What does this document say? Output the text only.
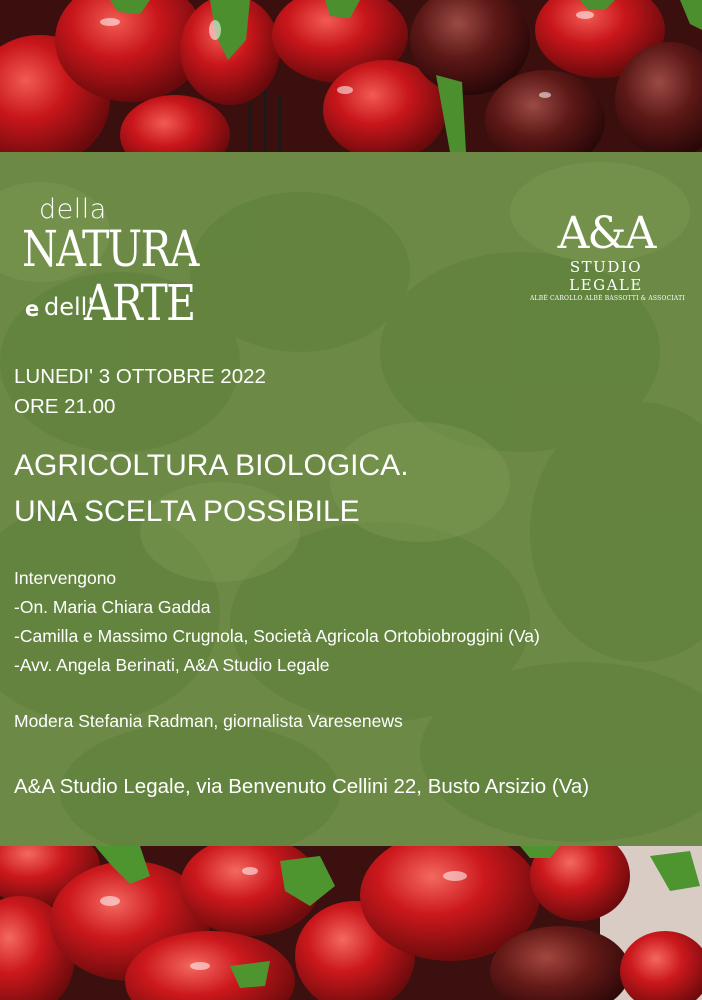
della
NATURA
e dell'
ARTE
A&A
STUDIO LEGALE
ALBÈ CAROLLO ALBÈ BASSOTTI & ASSOCIATI
LUNEDI' 3 OTTOBRE 2022
ORE 21.00
AGRICOLTURA BIOLOGICA.
UNA SCELTA POSSIBILE
Intervengono
-On. Maria Chiara Gadda
-Camilla e Massimo Crugnola, Società Agricola Ortobiobroggini (Va)
-Avv. Angela Berinati, A&A Studio Legale
Modera Stefania Radman, giornalista Varesenews
A&A Studio Legale, via Benvenuto Cellini 22, Busto Arsizio (Va)
